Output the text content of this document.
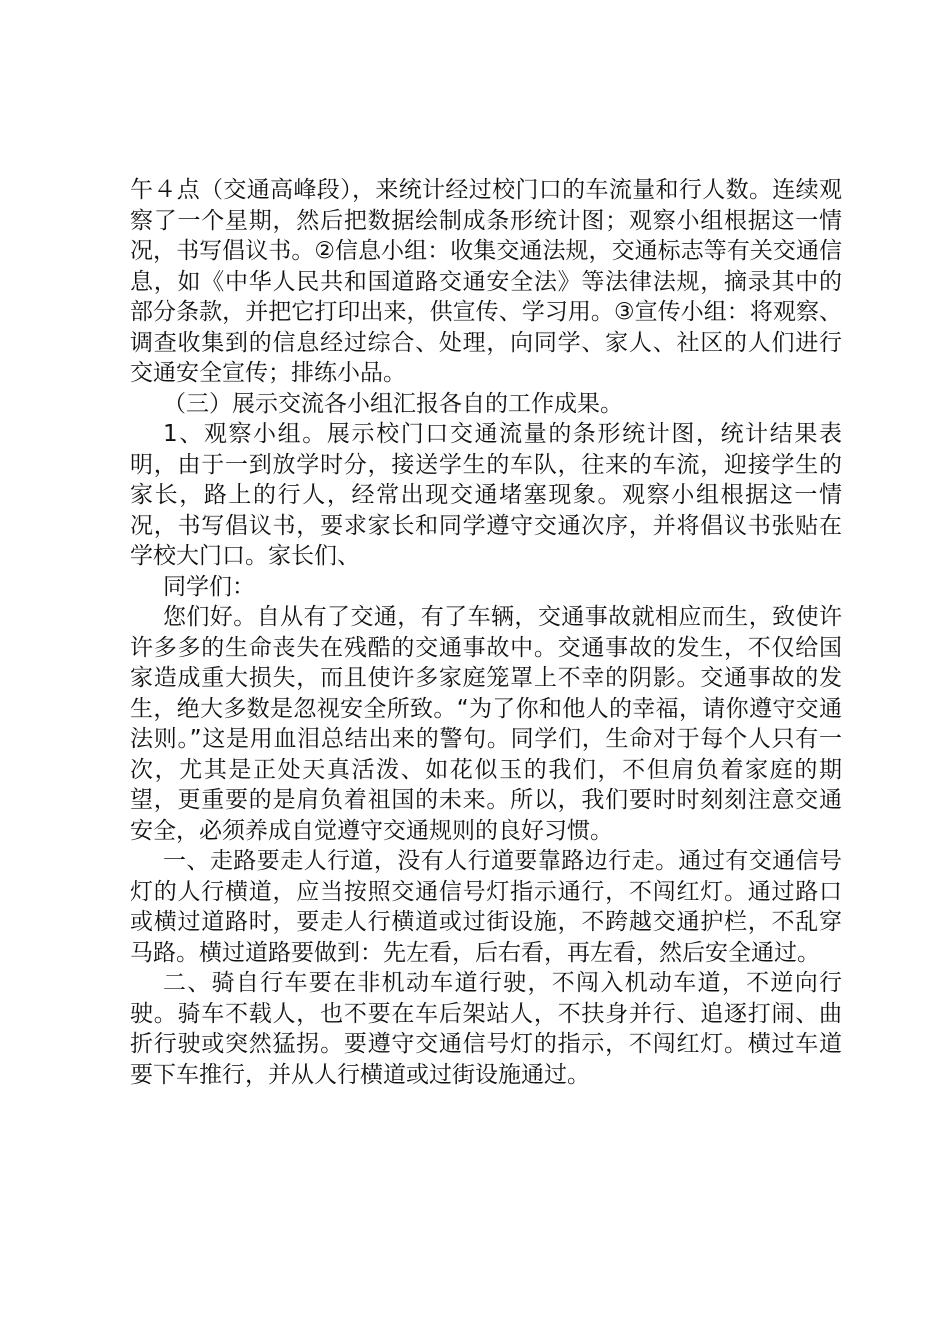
午４点（交通高峰段），来统计经过校门口的车流量和行人数。连续观察了一个星期，然后把数据绘制成条形统计图；观察小组根据这一情况，书写倡议书。②信息小组：收集交通法规，交通标志等有关交通信息，如《中华人民共和国道路交通安全法》等法律法规，摘录其中的部分条款，并把它打印出来，供宣传、学习用。③宣传小组：将观察、调查收集到的信息经过综合、处理，向同学、家人、社区的人们进行交通安全宣传；排练小品。

（三）展示交流各小组汇报各自的工作成果。

1、观察小组。展示校门口交通流量的条形统计图，统计结果表明，由于一到放学时分，接送学生的车队，往来的车流，迎接学生的家长，路上的行人，经常出现交通堵塞现象。观察小组根据这一情况，书写倡议书，要求家长和同学遵守交通次序，并将倡议书张贴在学校大门口。家长们、

同学们：

您们好。自从有了交通，有了车辆，交通事故就相应而生，致使许许多多的生命丧失在残酷的交通事故中。交通事故的发生，不仅给国家造成重大损失，而且使许多家庭笼罩上不幸的阴影。交通事故的发生，绝大多数是忽视安全所致。“为了你和他人的幸福，请你遵守交通法则。”这是用血泪总结出来的警句。同学们，生命对于每个人只有一次，尤其是正处天真活泼、如花似玉的我们，不但肩负着家庭的期望，更重要的是肩负着祖国的未来。所以，我们要时时刻刻注意交通安全，必须养成自觉遵守交通规则的良好习惯。

一、走路要走人行道，没有人行道要靠路边行走。通过有交通信号灯的人行横道，应当按照交通信号灯指示通行，不闯红灯。通过路口或横过道路时，要走人行横道或过街设施，不跨越交通护栏，不乱穿马路。横过道路要做到：先左看，后右看，再左看，然后安全通过。

二、骑自行车要在非机动车道行驶，不闯入机动车道，不逆向行驶。骑车不载人，也不要在车后架站人，不扶身并行、追逐打闹、曲折行驶或突然猛拐。要遵守交通信号灯的指示，不闯红灯。横过车道要下车推行，并从人行横道或过街设施通过。
